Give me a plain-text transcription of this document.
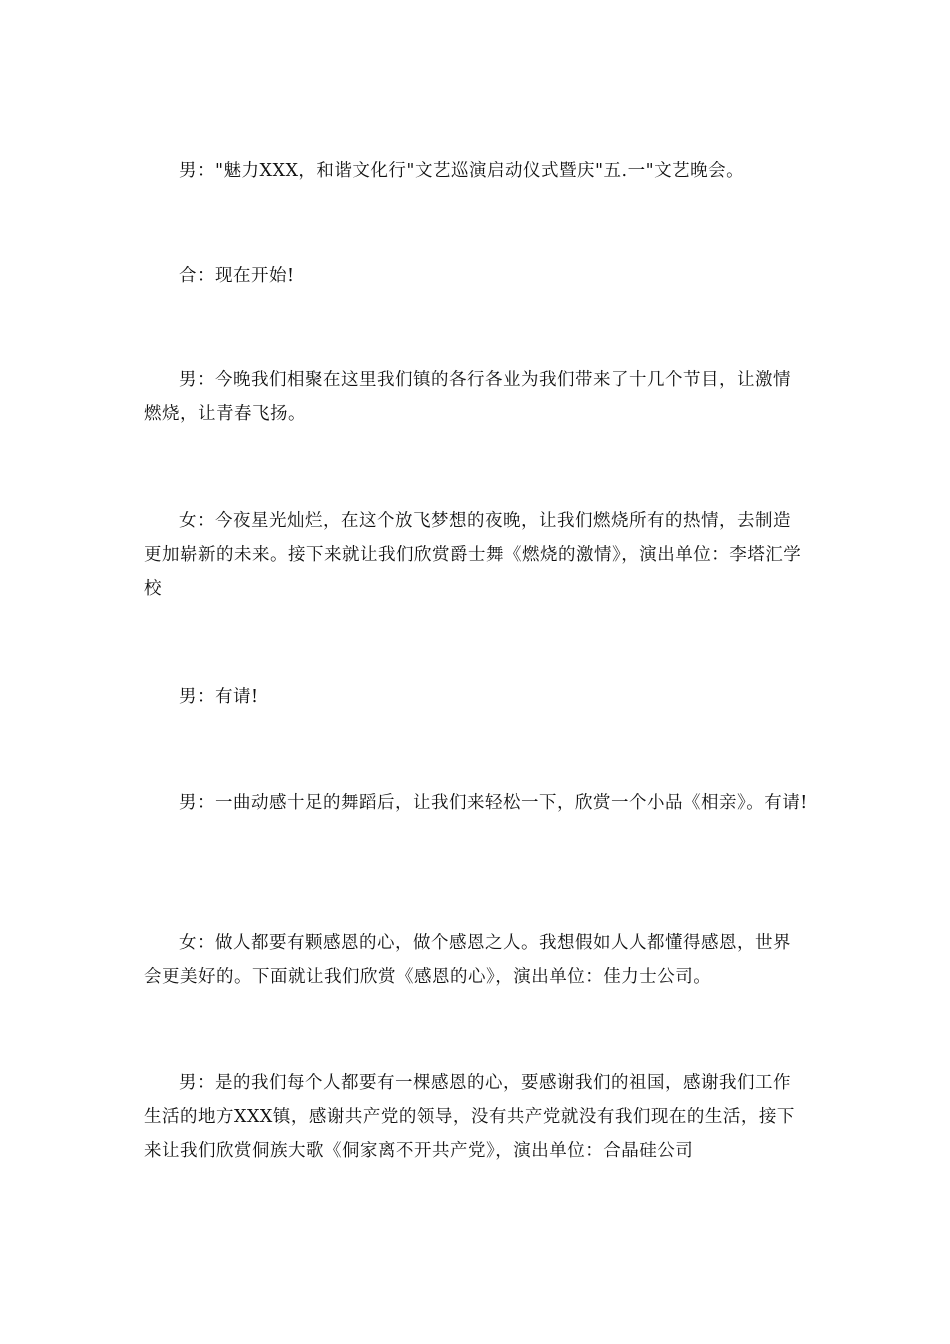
男："魅力XXX，和谐文化行"文艺巡演启动仪式暨庆"五.一"文艺晚会。

合：现在开始!

男：今晚我们相聚在这里我们镇的各行各业为我们带来了十几个节目，让激情燃烧，让青春飞扬。

女：今夜星光灿烂，在这个放飞梦想的夜晚，让我们燃烧所有的热情，去制造更加崭新的未来。接下来就让我们欣赏爵士舞《燃烧的激情》，演出单位：李塔汇学校

男：有请!

男：一曲动感十足的舞蹈后，让我们来轻松一下，欣赏一个小品《相亲》。有请!

女：做人都要有颗感恩的心，做个感恩之人。我想假如人人都懂得感恩，世界会更美好的。下面就让我们欣赏《感恩的心》，演出单位：佳力士公司。

男：是的我们每个人都要有一棵感恩的心，要感谢我们的祖国，感谢我们工作生活的地方XXX镇，感谢共产党的领导，没有共产党就没有我们现在的生活，接下来让我们欣赏侗族大歌《侗家离不开共产党》，演出单位：合晶硅公司
